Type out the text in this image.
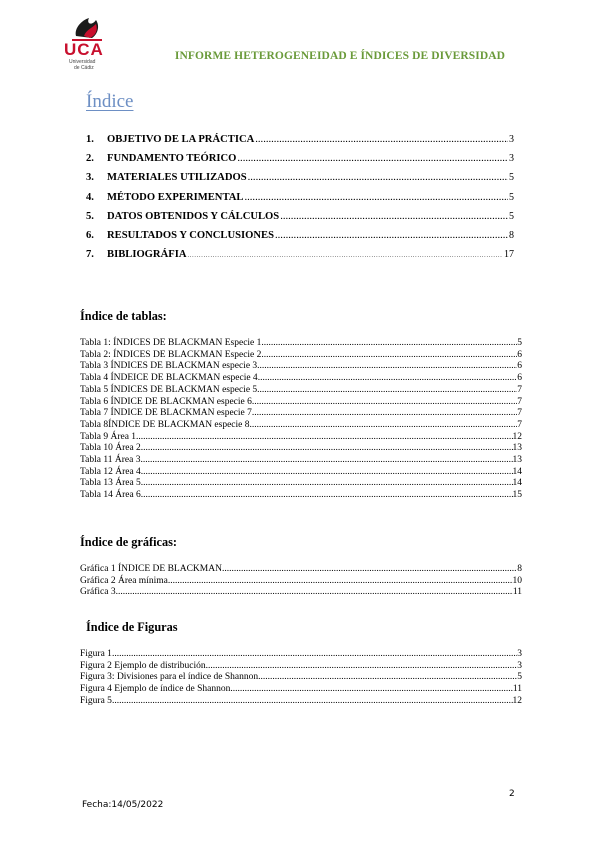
UCA
Universidad
de Cádiz
INFORME HETEROGENEIDAD E ÍNDICES DE DIVERSIDAD
Índice
1.	OBJETIVO DE LA PRÁCTICA .....	3
2.	FUNDAMENTO TEÓRICO .....	3
3.	MATERIALES UTILIZADOS .....	5
4.	MÉTODO EXPERIMENTAL .....	5
5.	DATOS OBTENIDOS Y CÁLCULOS .....	5
6.	RESULTADOS Y CONCLUSIONES .....	8
7.	BIBLIOGRÁFIA .....	17
Índice de tablas:
Tabla 1: ÍNDICES DE BLACKMAN Especie 1 .....	5
Tabla 2: ÍNDICES DE BLACKMAN Especie 2 .....	6
Tabla 3 ÍNDICES DE BLACKMAN especie 3 .....	6
Tabla 4 ÍNDEICE DE BLACKMAN especie 4 .....	6
Tabla 5 ÍNDICES DE BLACKMAN especie 5 .....	7
Tabla 6 ÍNDICE DE BLACKMAN especie 6 .....	7
Tabla 7 ÍNDICE DE BLACKMAN especie 7 .....	7
Tabla 8ÍNDICE DE BLACKMAN especie 8 .....	7
Tabla 9 Área 1 .....	12
Tabla 10 Área 2 .....	13
Tabla 11 Área 3 .....	13
Tabla 12 Área 4 .....	14
Tabla 13 Área 5 .....	14
Tabla 14 Área 6 .....	15
Índice de gráficas:
Gráfica 1 ÍNDICE DE BLACKMAN .....	8
Gráfica 2 Área mínima .....	10
Gráfica 3 .....	11
Índice de Figuras
Figura 1 .....	3
Figura 2 Ejemplo de distribución .....	3
Figura 3: Divisiones para el índice de Shannon .....	5
Figura 4 Ejemplo de índice de Shannon .....	11
Figura 5 .....	12
2
Fecha:14/05/2022
